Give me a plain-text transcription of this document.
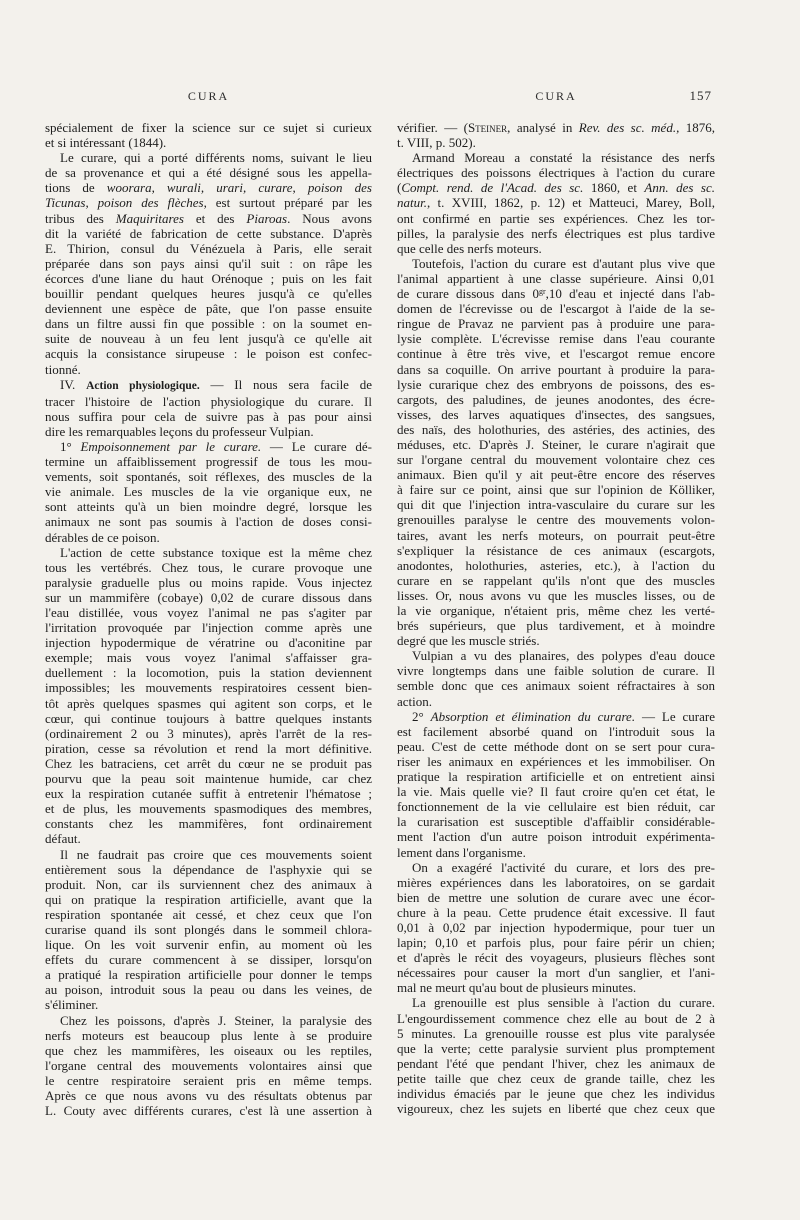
CURA	CURA	157
spécialement de fixer la science sur ce sujet si curieux
et si intéressant (1844).
Le curare, qui a porté différents noms, suivant le lieu
de sa provenance et qui a été désigné sous les appella-
tions de woorara, wurali, urari, curare, poison des
Ticunas, poison des flèches, est surtout préparé par les
tribus des Maquiritares et des Piaroas. Nous avons
dit la variété de fabrication de cette substance. D'après
E. Thirion, consul du Vénézuela à Paris, elle serait
préparée dans son pays ainsi qu'il suit : on râpe les
écorces d'une liane du haut Orénoque ; puis on les fait
bouillir pendant quelques heures jusqu'à ce qu'elles
deviennent une espèce de pâte, que l'on passe ensuite
dans un filtre aussi fin que possible : on la soumet en-
suite de nouveau à un feu lent jusqu'à ce qu'elle ait
acquis la consistance sirupeuse : le poison est confec-
tionné.
IV. Action physiologique. — Il nous sera facile de
tracer l'histoire de l'action physiologique du curare. Il
nous suffira pour cela de suivre pas à pas pour ainsi
dire les remarquables leçons du professeur Vulpian.
1° Empoisonnement par le curare. — Le curare dé-
termine un affaiblissement progressif de tous les mou-
vements, soit spontanés, soit réflexes, des muscles de la
vie animale. Les muscles de la vie organique eux, ne
sont atteints qu'à un bien moindre degré, lorsque les
animaux ne sont pas soumis à l'action de doses consi-
dérables de ce poison.
L'action de cette substance toxique est la même chez
tous les vertébrés. Chez tous, le curare provoque une
paralysie graduelle plus ou moins rapide. Vous injectez
sur un mammifère (cobaye) 0,02 de curare dissous dans
l'eau distillée, vous voyez l'animal ne pas s'agiter par
l'irritation provoquée par l'injection comme après une
injection hypodermique de vératrine ou d'aconitine par
exemple; mais vous voyez l'animal s'affaisser gra-
duellement : la locomotion, puis la station deviennent
impossibles; les mouvements respiratoires cessent bien-
tôt après quelques spasmes qui agitent son corps, et le
cœur, qui continue toujours à battre quelques instants
(ordinairement 2 ou 3 minutes), après l'arrêt de la res-
piration, cesse sa révolution et rend la mort définitive.
Chez les batraciens, cet arrêt du cœur ne se produit pas
pourvu que la peau soit maintenue humide, car chez
eux la respiration cutanée suffit à entretenir l'hématose ;
et de plus, les mouvements spasmodiques des membres,
constants chez les mammifères, font ordinairement
défaut.
Il ne faudrait pas croire que ces mouvements soient
entièrement sous la dépendance de l'asphyxie qui se
produit. Non, car ils surviennent chez des animaux à
qui on pratique la respiration artificielle, avant que la
respiration spontanée ait cessé, et chez ceux que l'on
curarise quand ils sont plongés dans le sommeil chlora-
lique. On les voit survenir enfin, au moment où les
effets du curare commencent à se dissiper, lorsqu'on
a pratiqué la respiration artificielle pour donner le temps
au poison, introduit sous la peau ou dans les veines, de
s'éliminer.
Chez les poissons, d'après J. Steiner, la paralysie des
nerfs moteurs est beaucoup plus lente à se produire
que chez les mammifères, les oiseaux ou les reptiles,
l'organe central des mouvements volontaires ainsi que
le centre respiratoire seraient pris en même temps.
Après ce que nous avons vu des résultats obtenus par
L. Couty avec différents curares, c'est là une assertion à
vérifier. — (Steiner, analysé in Rev. des sc. méd., 1876,
t. VIII, p. 502).
Armand Moreau a constaté la résistance des nerfs
électriques des poissons électriques à l'action du curare
(Compt. rend. de l'Acad. des sc. 1860, et Ann. des sc.
natur., t. XVIII, 1862, p. 12) et Matteuci, Marey, Boll,
ont confirmé en partie ses expériences. Chez les tor-
pilles, la paralysie des nerfs électriques est plus tardive
que celle des nerfs moteurs.
Toutefois, l'action du curare est d'autant plus vive que
l'animal appartient à une classe supérieure. Ainsi 0,01
de curare dissous dans $0^{gr},10$ d'eau et injecté dans l'ab-
domen de l'écrevisse ou de l'escargot à l'aide de la se-
ringue de Pravaz ne parvient pas à produire une para-
lysie complète. L'écrevisse remise dans l'eau courante
continue à être très vive, et l'escargot remue encore
dans sa coquille. On arrive pourtant à produire la para-
lysie curarique chez des embryons de poissons, des es-
cargots, des paludines, de jeunes anodontes, des écre-
visses, des larves aquatiques d'insectes, des sangsues,
des naïs, des holothuries, des astéries, des actinies, des
méduses, etc. D'après J. Steiner, le curare n'agirait que
sur l'organe central du mouvement volontaire chez ces
animaux. Bien qu'il y ait peut-être encore des réserves
à faire sur ce point, ainsi que sur l'opinion de Kölliker,
qui dit que l'injection intra-vasculaire du curare sur les
grenouilles paralyse le centre des mouvements volon-
taires, avant les nerfs moteurs, on pourrait peut-être
s'expliquer la résistance de ces animaux (escargots,
anodontes, holothuries, asteries, etc.), à l'action du
curare en se rappelant qu'ils n'ont que des muscles
lisses. Or, nous avons vu que les muscles lisses, ou de
la vie organique, n'étaient pris, même chez les verté-
brés supérieurs, que plus tardivement, et à moindre
degré que les muscle striés.
Vulpian a vu des planaires, des polypes d'eau douce
vivre longtemps dans une faible solution de curare. Il
semble donc que ces animaux soient réfractaires à son
action.
2° Absorption et élimination du curare. — Le curare
est facilement absorbé quand on l'introduit sous la
peau. C'est de cette méthode dont on se sert pour cura-
riser les animaux en expériences et les immobiliser. On
pratique la respiration artificielle et on entretient ainsi
la vie. Mais quelle vie? Il faut croire qu'en cet état, le
fonctionnement de la vie cellulaire est bien réduit, car
la curarisation est susceptible d'affaiblir considérable-
ment l'action d'un autre poison introduit expérimenta-
lement dans l'organisme.
On a exagéré l'activité du curare, et lors des pre-
mières expériences dans les laboratoires, on se gardait
bien de mettre une solution de curare avec une écor-
chure à la peau. Cette prudence était excessive. Il faut
0,01 à 0,02 par injection hypodermique, pour tuer un
lapin; 0,10 et parfois plus, pour faire périr un chien;
et d'après le récit des voyageurs, plusieurs flèches sont
nécessaires pour causer la mort d'un sanglier, et l'ani-
mal ne meurt qu'au bout de plusieurs minutes.
La grenouille est plus sensible à l'action du curare.
L'engourdissement commence chez elle au bout de 2 à
5 minutes. La grenouille rousse est plus vite paralysée
que la verte; cette paralysie survient plus promptement
pendant l'été que pendant l'hiver, chez les animaux de
petite taille que chez ceux de grande taille, chez les
individus émaciés par le jeune que chez les individus
vigoureux, chez les sujets en liberté que chez ceux que
